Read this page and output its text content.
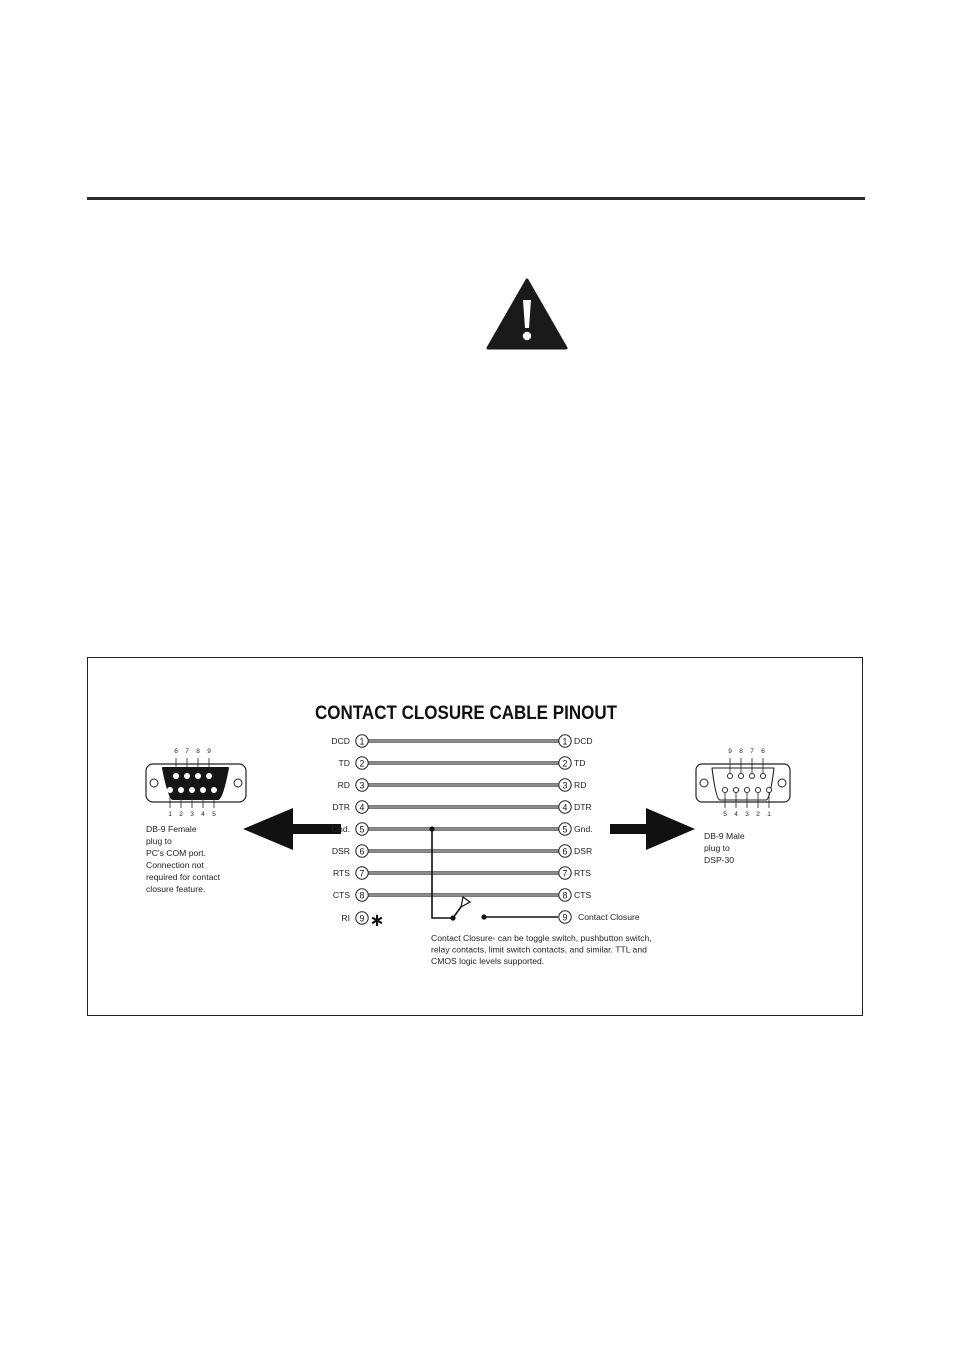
CONTACT CLOSURE CABLE PINOUT
6 7 8 9
1 2 3 4 5
9 8 7 6
5 4 3 2 1
DB-9 Female plug to PC's COM port. Connection not required for contact closure feature.
DB-9 Male plug to DSP-30
DCD 1	1 DCD
TD 2	2 TD
RD 3	3 RD
DTR 4	4 DTR
Gnd. 5	5 Gnd.
DSR 6	6 DSR
RTS 7	7 RTS
CTS 8	8 CTS
RI 9 ∗	9 Contact Closure
Contact Closure- can be toggle switch, pushbutton switch, relay contacts, limit switch contacts, and similar. TTL and CMOS logic levels supported.
